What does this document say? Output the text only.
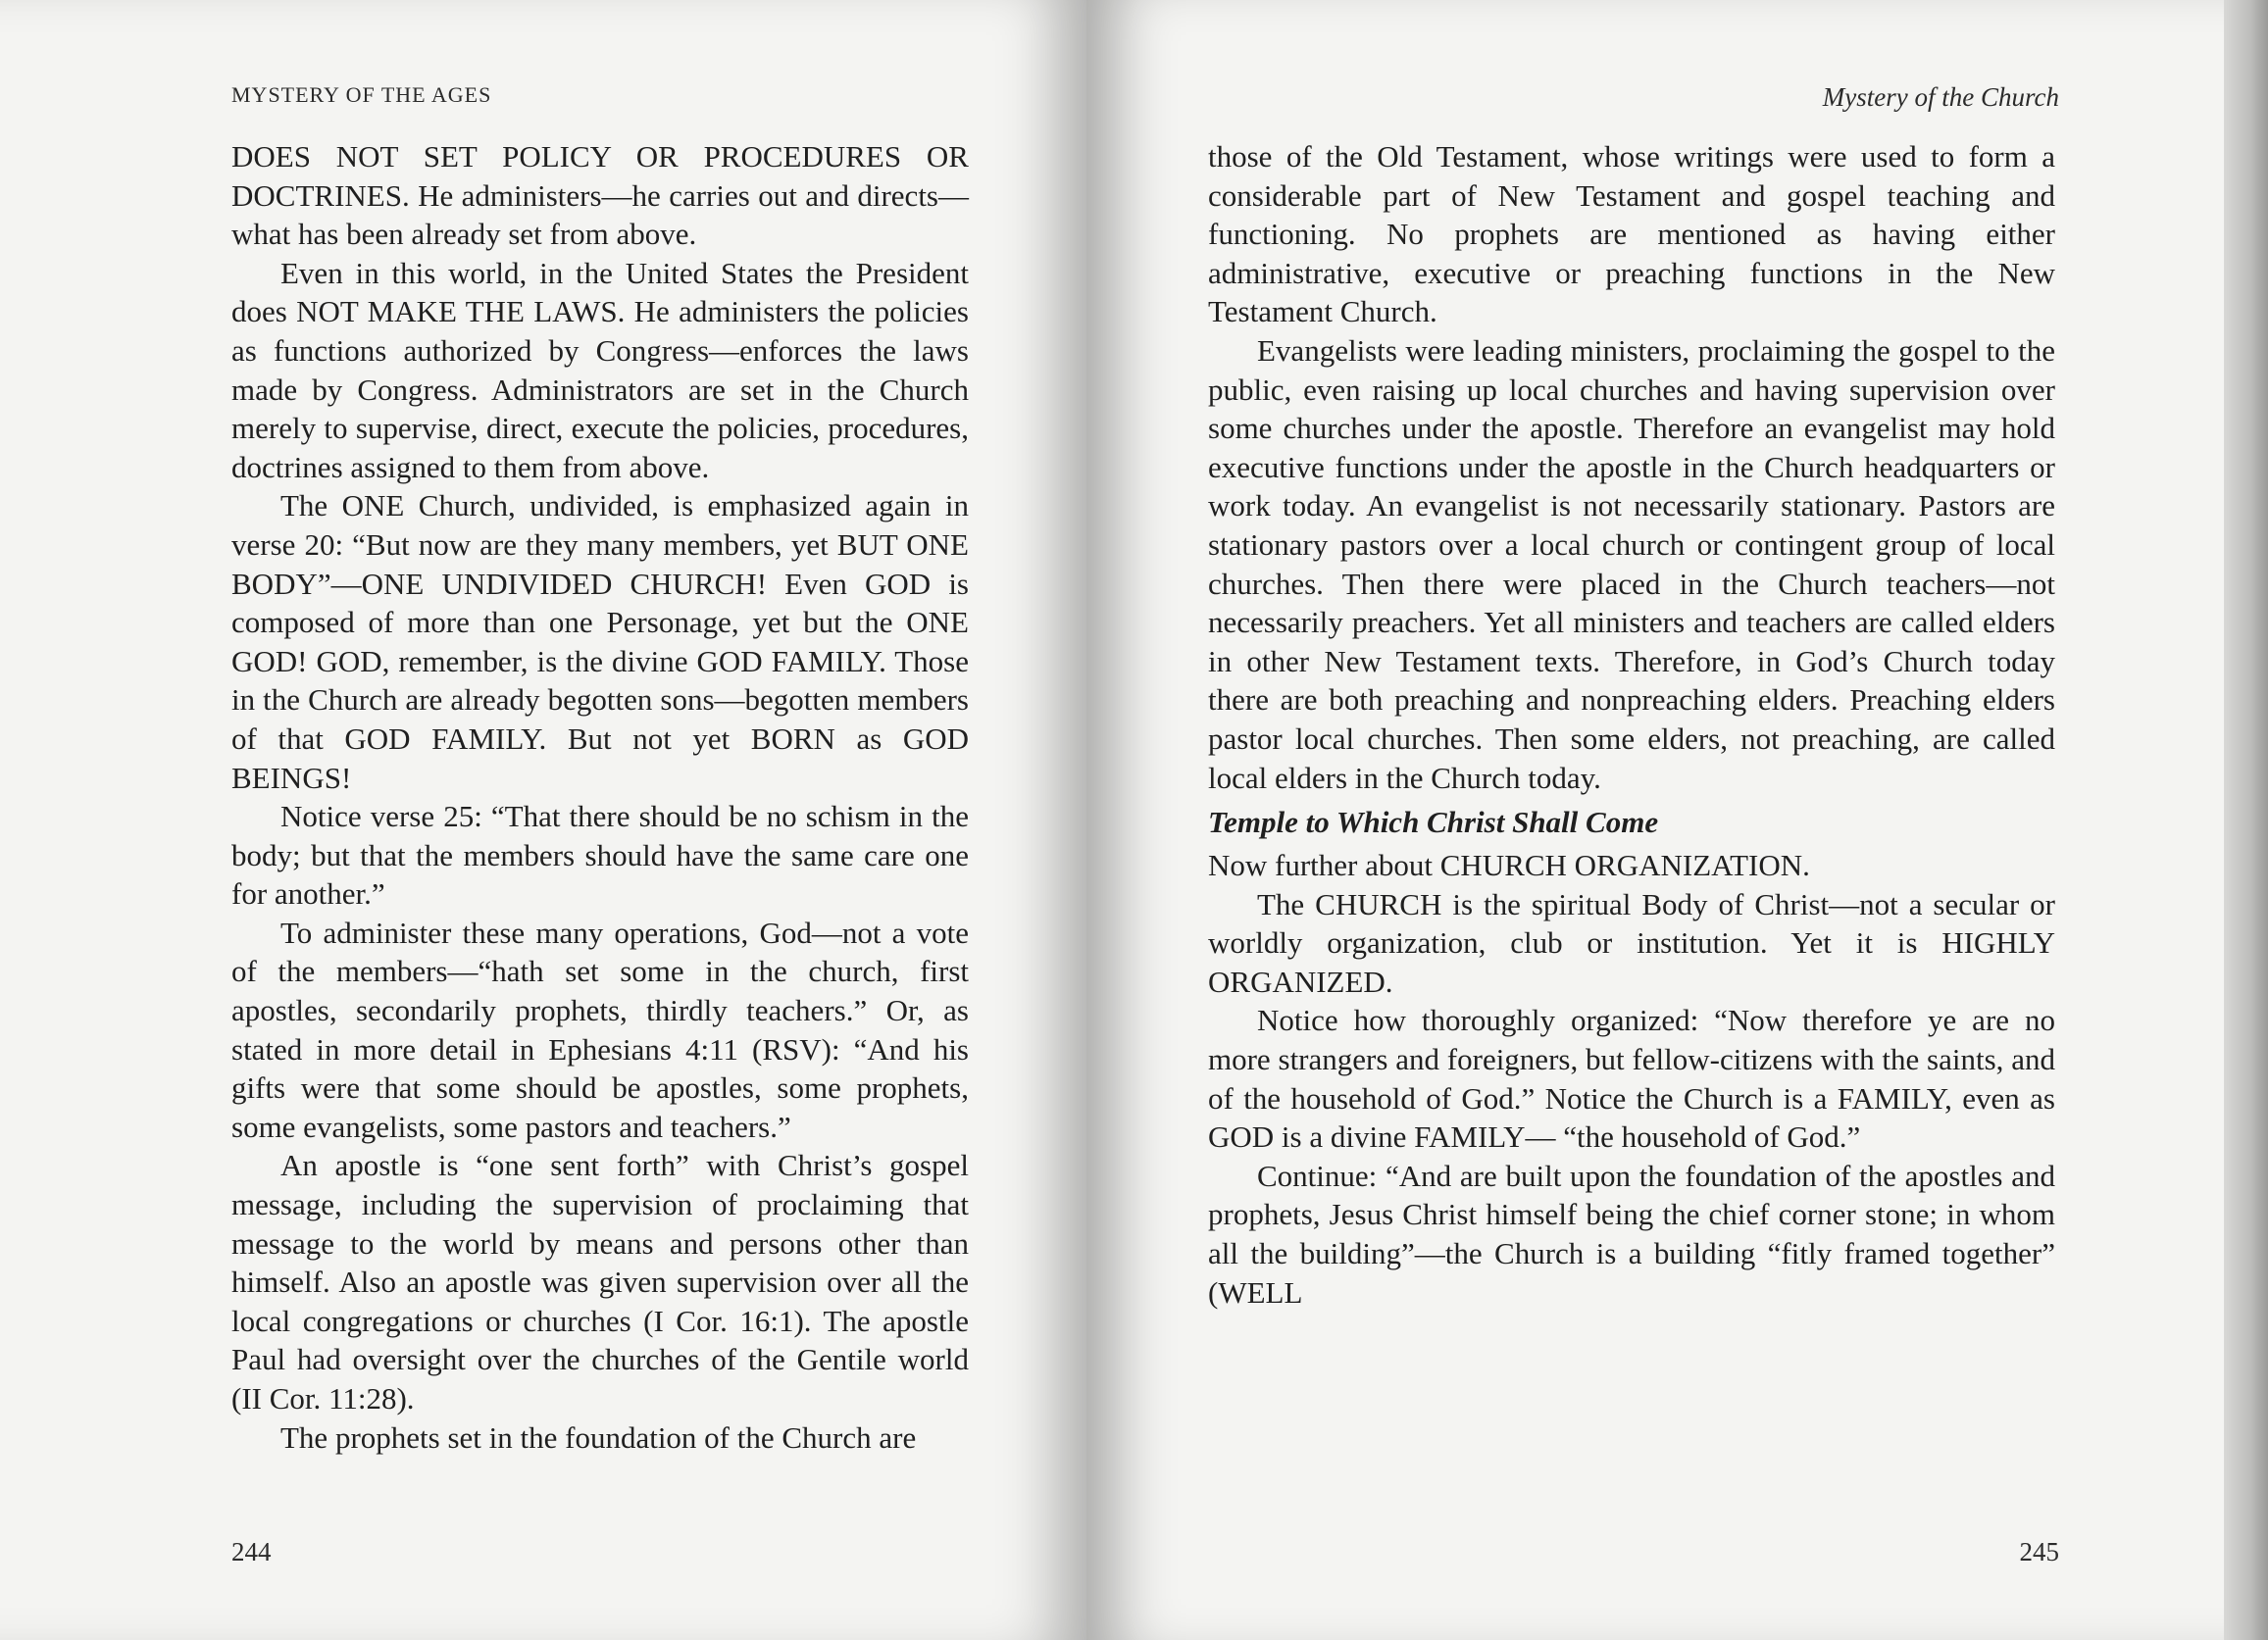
MYSTERY OF THE AGES

DOES NOT SET POLICY OR PROCEDURES OR DOCTRINES. He administers—he carries out and directs—what has been already set from above.

Even in this world, in the United States the President does NOT MAKE THE LAWS. He administers the policies as functions authorized by Congress—enforces the laws made by Congress. Administrators are set in the Church merely to supervise, direct, execute the policies, procedures, doctrines assigned to them from above.

The ONE Church, undivided, is emphasized again in verse 20: “But now are they many members, yet BUT ONE BODY”—ONE UNDIVIDED CHURCH! Even GOD is composed of more than one Personage, yet but the ONE GOD! GOD, remember, is the divine GOD FAMILY. Those in the Church are already begotten sons—begotten members of that GOD FAMILY. But not yet BORN as GOD BEINGS!

Notice verse 25: “That there should be no schism in the body; but that the members should have the same care one for another.”

To administer these many operations, God—not a vote of the members—“hath set some in the church, first apostles, secondarily prophets, thirdly teachers.” Or, as stated in more detail in Ephesians 4:11 (RSV): “And his gifts were that some should be apostles, some prophets, some evangelists, some pastors and teachers.”

An apostle is “one sent forth” with Christ’s gospel message, including the supervision of proclaiming that message to the world by means and persons other than himself. Also an apostle was given supervision over all the local congregations or churches (I Cor. 16:1). The apostle Paul had oversight over the churches of the Gentile world (II Cor. 11:28).

The prophets set in the foundation of the Church are

244
Mystery of the Church

those of the Old Testament, whose writings were used to form a considerable part of New Testament and gospel teaching and functioning. No prophets are mentioned as having either administrative, executive or preaching functions in the New Testament Church.

Evangelists were leading ministers, proclaiming the gospel to the public, even raising up local churches and having supervision over some churches under the apostle. Therefore an evangelist may hold executive functions under the apostle in the Church headquarters or work today. An evangelist is not necessarily stationary. Pastors are stationary pastors over a local church or contingent group of local churches. Then there were placed in the Church teachers—not necessarily preachers. Yet all ministers and teachers are called elders in other New Testament texts. Therefore, in God’s Church today there are both preaching and nonpreaching elders. Preaching elders pastor local churches. Then some elders, not preaching, are called local elders in the Church today.

Temple to Which Christ Shall Come

Now further about CHURCH ORGANIZATION.

The CHURCH is the spiritual Body of Christ—not a secular or worldly organization, club or institution. Yet it is HIGHLY ORGANIZED.

Notice how thoroughly organized: “Now therefore ye are no more strangers and foreigners, but fellow-citizens with the saints, and of the household of God.” Notice the Church is a FAMILY, even as GOD is a divine FAMILY— “the household of God.”

Continue: “And are built upon the foundation of the apostles and prophets, Jesus Christ himself being the chief corner stone; in whom all the building”—the Church is a building “fitly framed together” (WELL

245
